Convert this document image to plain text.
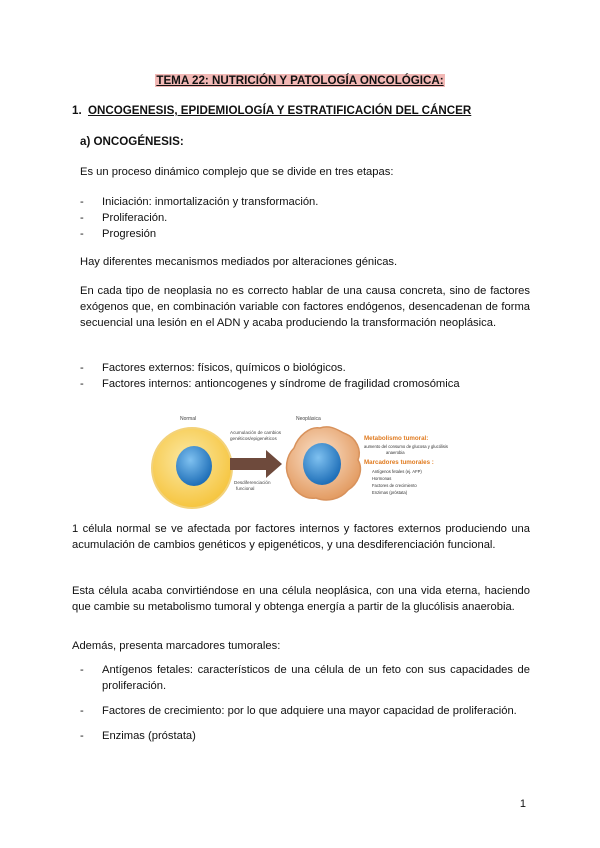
TEMA 22: NUTRICIÓN Y PATOLOGÍA ONCOLÓGICA:
1. ONCOGENESIS, EPIDEMIOLOGÍA Y ESTRATIFICACIÓN DEL CÁNCER
a) ONCOGÉNESIS:
Es un proceso dinámico complejo que se divide en tres etapas:
-	Iniciación: inmortalización y transformación.
-	Proliferación.
-	Progresión
Hay diferentes mecanismos mediados por alteraciones génicas.
En cada tipo de neoplasia no es correcto hablar de una causa concreta, sino de factores exógenos que, en combinación variable con factores endógenos, desencadenan de forma secuencial una lesión en el ADN y acaba produciendo la transformación neoplásica.
-	Factores externos: físicos, químicos o biológicos.
-	Factores internos: antioncogenes y síndrome de fragilidad cromosómica
Normal
Acumulación de cambios
genéticos/epigenéticos
Desdiferenciación
funcional
Neoplásica
Metabolismo tumoral:
aumento del consumo de glucosa y glucólisis
anaerobia
Marcadores tumorales :
Antígenos fetales (ej. AFP)
Hormonas
Factores de crecimiento
Enzimas (próstata)
1 célula normal se ve afectada por factores internos y factores externos produciendo una acumulación de cambios genéticos y epigenéticos, y una desdiferenciación funcional.
Esta célula acaba convirtiéndose en una célula neoplásica, con una vida eterna, haciendo que cambie su metabolismo tumoral y obtenga energía a partir de la glucólisis anaerobia.
Además, presenta marcadores tumorales:
-	Antígenos fetales: característicos de una célula de un feto con sus capacidades de proliferación.
-	Factores de crecimiento: por lo que adquiere una mayor capacidad de proliferación.
-	Enzimas (próstata)
1
